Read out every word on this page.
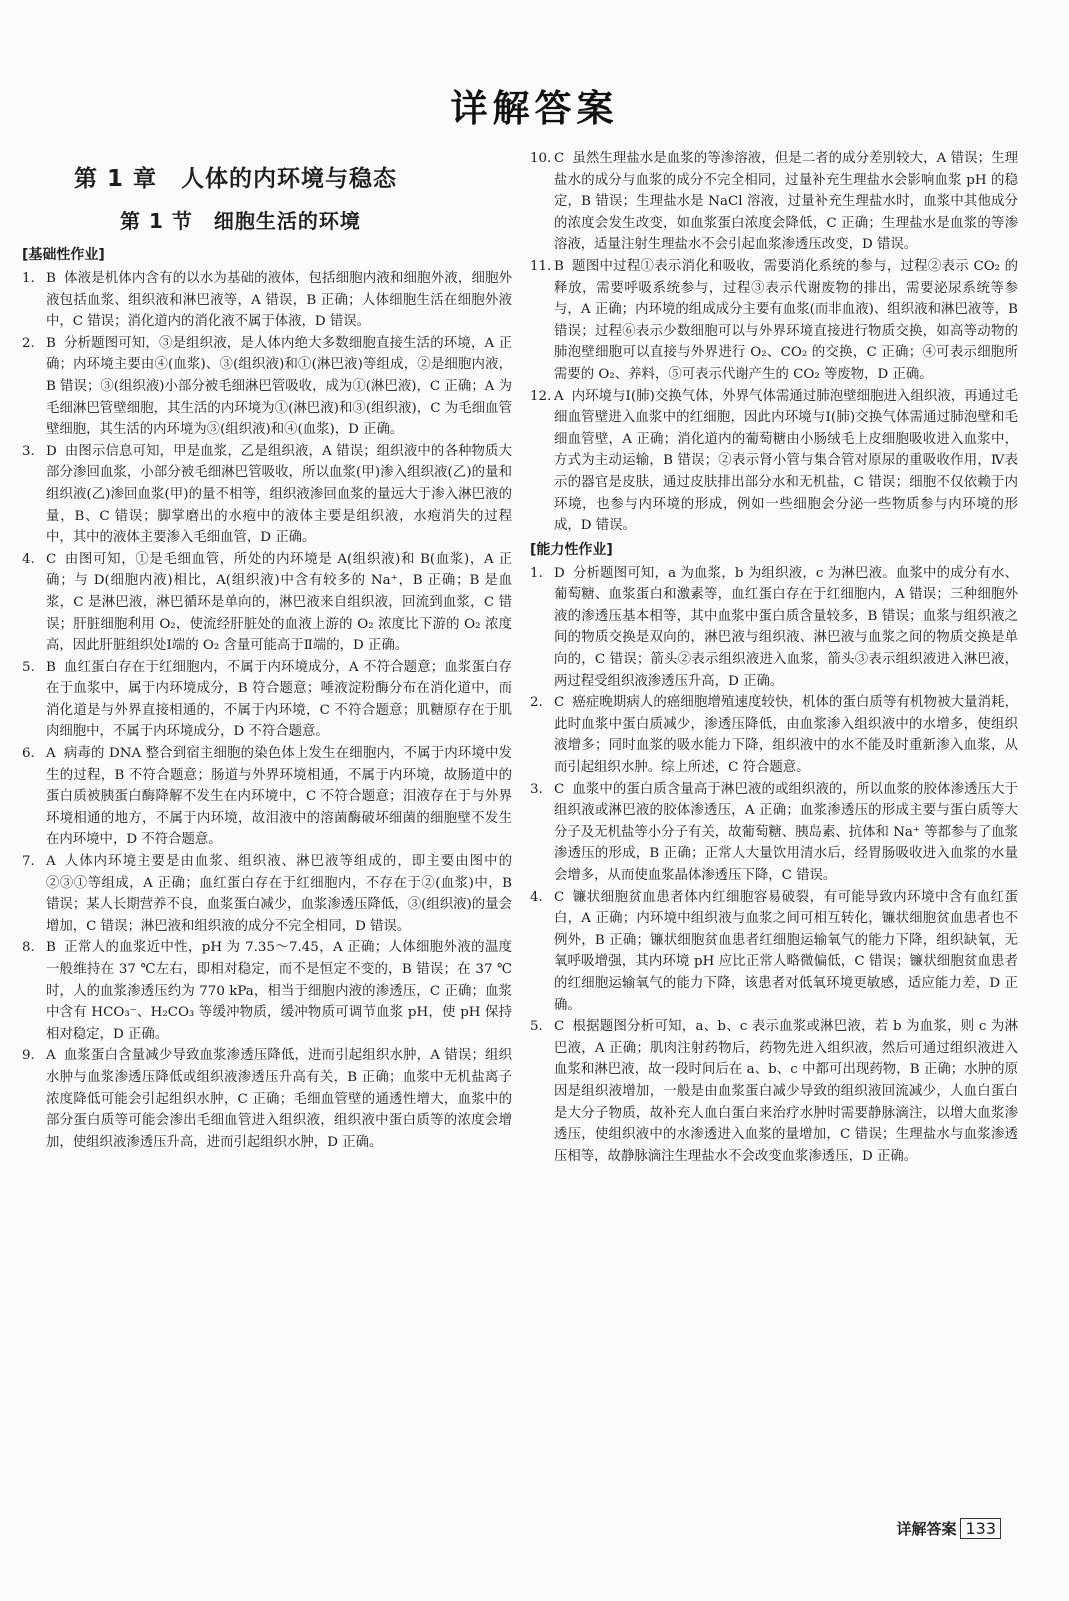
详解答案
第 1 章　人体的内环境与稳态
第 1 节　细胞生活的环境
[基础性作业]

1. B 体液是机体内含有的以水为基础的液体，包括细胞内液和细胞外液，细胞外液包括血浆、组织液和淋巴液等，A 错误，B 正确；人体细胞生活在细胞外液中，C 错误；消化道内的消化液不属于体液，D 错误。

2. B 分析题图可知，③是组织液，是人体内绝大多数细胞直接生活的环境，A 正确；内环境主要由④(血浆)、③(组织液)和①(淋巴液)等组成，②是细胞内液，B 错误；③(组织液)小部分被毛细淋巴管吸收，成为①(淋巴液)，C 正确；A 为毛细淋巴管壁细胞，其生活的内环境为①(淋巴液)和③(组织液)，C 为毛细血管壁细胞，其生活的内环境为③(组织液)和④(血浆)，D 正确。

3. D 由图示信息可知，甲是血浆，乙是组织液，A 错误；组织液中的各种物质大部分渗回血浆，小部分被毛细淋巴管吸收，所以血浆(甲)渗入组织液(乙)的量和组织液(乙)渗回血浆(甲)的量不相等，组织液渗回血浆的量远大于渗入淋巴液的量，B、C 错误；脚掌磨出的水疱中的液体主要是组织液，水疱消失的过程中，其中的液体主要渗入毛细血管，D 正确。

4. C 由图可知，①是毛细血管，所处的内环境是 A(组织液)和 B(血浆)，A 正确；与 D(细胞内液)相比，A(组织液)中含有较多的 Na⁺，B 正确；B 是血浆，C 是淋巴液，淋巴循环是单向的，淋巴液来自组织液，回流到血浆，C 错误；肝脏细胞利用 O₂，使流经肝脏处的血液上游的 O₂ 浓度比下游的 O₂ 浓度高，因此肝脏组织处Ⅰ端的 O₂ 含量可能高于Ⅱ端的，D 正确。

5. B 血红蛋白存在于红细胞内，不属于内环境成分，A 不符合题意；血浆蛋白存在于血浆中，属于内环境成分，B 符合题意；唾液淀粉酶分布在消化道中，而消化道是与外界直接相通的，不属于内环境，C 不符合题意；肌糖原存在于肌肉细胞中，不属于内环境成分，D 不符合题意。

6. A 病毒的 DNA 整合到宿主细胞的染色体上发生在细胞内，不属于内环境中发生的过程，B 不符合题意；肠道与外界环境相通，不属于内环境，故肠道中的蛋白质被胰蛋白酶降解不发生在内环境中，C 不符合题意；泪液存在于与外界环境相通的地方，不属于内环境，故泪液中的溶菌酶破坏细菌的细胞壁不发生在内环境中，D 不符合题意。

7. A 人体内环境主要是由血浆、组织液、淋巴液等组成的，即主要由图中的②③①等组成，A 正确；血红蛋白存在于红细胞内，不存在于②(血浆)中，B 错误；某人长期营养不良，血浆蛋白减少，血浆渗透压降低，③(组织液)的量会增加，C 错误；淋巴液和组织液的成分不完全相同，D 错误。

8. B 正常人的血浆近中性，pH 为 7.35～7.45，A 正确；人体细胞外液的温度一般维持在 37 ℃左右，即相对稳定，而不是恒定不变的，B 错误；在 37 ℃时，人的血浆渗透压约为 770 kPa，相当于细胞内液的渗透压，C 正确；血浆中含有 HCO₃⁻、H₂CO₃ 等缓冲物质，缓冲物质可调节血浆 pH，使 pH 保持相对稳定，D 正确。

9. A 血浆蛋白含量减少导致血浆渗透压降低，进而引起组织水肿，A 错误；组织水肿与血浆渗透压降低或组织液渗透压升高有关，B 正确；血浆中无机盐离子浓度降低可能会引起组织水肿，C 正确；毛细血管壁的通透性增大，血浆中的部分蛋白质等可能会渗出毛细血管进入组织液，组织液中蛋白质等的浓度会增加，使组织液渗透压升高，进而引起组织水肿，D 正确。

10. C 虽然生理盐水是血浆的等渗溶液，但是二者的成分差别较大，A 错误；生理盐水的成分与血浆的成分不完全相同，过量补充生理盐水会影响血浆 pH 的稳定，B 错误；生理盐水是 NaCl 溶液，过量补充生理盐水时，血浆中其他成分的浓度会发生改变，如血浆蛋白浓度会降低，C 正确；生理盐水是血浆的等渗溶液，适量注射生理盐水不会引起血浆渗透压改变，D 错误。

11. B 题图中过程①表示消化和吸收，需要消化系统的参与，过程②表示 CO₂ 的释放，需要呼吸系统参与，过程③表示代谢废物的排出，需要泌尿系统等参与，A 正确；内环境的组成成分主要有血浆(而非血液)、组织液和淋巴液等，B 错误；过程⑥表示少数细胞可以与外界环境直接进行物质交换，如高等动物的肺泡壁细胞可以直接与外界进行 O₂、CO₂ 的交换，C 正确；④可表示细胞所需要的 O₂、养料，⑤可表示代谢产生的 CO₂ 等废物，D 正确。

12. A 内环境与Ⅰ(肺)交换气体，外界气体需通过肺泡壁细胞进入组织液，再通过毛细血管壁进入血浆中的红细胞，因此内环境与Ⅰ(肺)交换气体需通过肺泡壁和毛细血管壁，A 正确；消化道内的葡萄糖由小肠绒毛上皮细胞吸收进入血浆中，方式为主动运输，B 错误；②表示肾小管与集合管对原尿的重吸收作用，Ⅳ表示的器官是皮肤，通过皮肤排出部分水和无机盐，C 错误；细胞不仅依赖于内环境，也参与内环境的形成，例如一些细胞会分泌一些物质参与内环境的形成，D 错误。

[能力性作业]

1. D 分析题图可知，a 为血浆，b 为组织液，c 为淋巴液。血浆中的成分有水、葡萄糖、血浆蛋白和激素等，血红蛋白存在于红细胞内，A 错误；三种细胞外液的渗透压基本相等，其中血浆中蛋白质含量较多，B 错误；血浆与组织液之间的物质交换是双向的，淋巴液与组织液、淋巴液与血浆之间的物质交换是单向的，C 错误；箭头②表示组织液进入血浆，箭头③表示组织液进入淋巴液，两过程受组织液渗透压升高，D 正确。

2. C 癌症晚期病人的癌细胞增殖速度较快，机体的蛋白质等有机物被大量消耗，此时血浆中蛋白质减少，渗透压降低，由血浆渗入组织液中的水增多，使组织液增多；同时血浆的吸水能力下降，组织液中的水不能及时重新渗入血浆，从而引起组织水肿。综上所述，C 符合题意。

3. C 血浆中的蛋白质含量高于淋巴液的或组织液的，所以血浆的胶体渗透压大于组织液或淋巴液的胶体渗透压，A 正确；血浆渗透压的形成主要与蛋白质等大分子及无机盐等小分子有关，故葡萄糖、胰岛素、抗体和 Na⁺ 等都参与了血浆渗透压的形成，B 正确；正常人大量饮用清水后，经胃肠吸收进入血浆的水量会增多，从而使血浆晶体渗透压下降，C 错误。

4. C 镰状细胞贫血患者体内红细胞容易破裂，有可能导致内环境中含有血红蛋白，A 正确；内环境中组织液与血浆之间可相互转化，镰状细胞贫血患者也不例外，B 正确；镰状细胞贫血患者红细胞运输氧气的能力下降，组织缺氧，无氧呼吸增强，其内环境 pH 应比正常人略微偏低，C 错误；镰状细胞贫血患者的红细胞运输氧气的能力下降，该患者对低氧环境更敏感，适应能力差，D 正确。

5. C 根据题图分析可知，a、b、c 表示血浆或淋巴液，若 b 为血浆，则 c 为淋巴液，A 正确；肌肉注射药物后，药物先进入组织液，然后可通过组织液进入血浆和淋巴液，故一段时间后在 a、b、c 中都可出现药物，B 正确；水肿的原因是组织液增加，一般是由血浆蛋白减少导致的组织液回流减少，人血白蛋白是大分子物质，故补充人血白蛋白来治疗水肿时需要静脉滴注，以增大血浆渗透压，使组织液中的水渗透进入血浆的量增加，C 错误；生理盐水与血浆渗透压相等，故静脉滴注生理盐水不会改变血浆渗透压，D 正确。

详解答案 133
